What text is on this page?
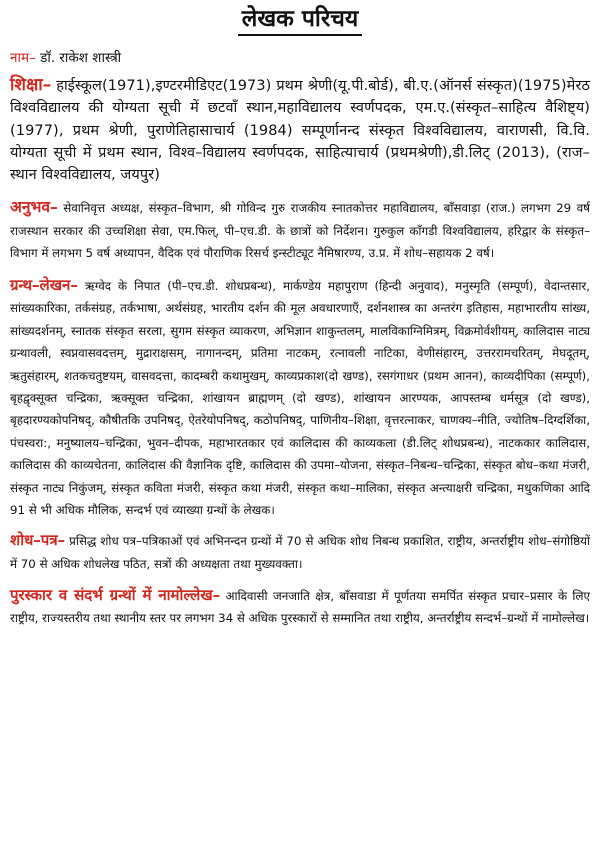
लेखक परिचय

नाम– डॉ. राकेश शास्त्री

शिक्षा– हाईस्कूल(1971),इण्टरमीडिएट(1973) प्रथम श्रेणी(यू.पी.बोर्ड), बी.ए.(ऑनर्स संस्कृत)(1975)मेरठ विश्वविद्यालय की योग्यता सूची में छटवाँ स्थान,महाविद्यालय स्वर्णपदक, एम.ए.(संस्कृत–साहित्य वैशिष्ट्य)(1977), प्रथम श्रेणी, पुराणेतिहासाचार्य (1984) सम्पूर्णानन्द संस्कृत विश्वविद्यालय, वाराणसी, वि.वि. योग्यता सूची में प्रथम स्थान, विश्व–विद्यालय स्वर्णपदक, साहित्याचार्य (प्रथमश्रेणी),डी.लिट् (2013), (राज–स्थान विश्वविद्यालय, जयपुर)

अनुभव– सेवानिवृत्त अध्यक्ष, संस्कृत–विभाग, श्री गोविन्द गुरु राजकीय स्नातकोत्तर महाविद्यालय, बाँसवाड़ा (राज.) लगभग 29 वर्ष राजस्थान सरकार की उच्चशिक्षा सेवा, एम.फिल्, पी–एच.डी. के छात्रों को निर्देशन। गुरुकुल काँगडी विश्वविद्यालय, हरिद्वार के संस्कृत–विभाग में लगभग 5 वर्ष अध्यापन, वैदिक एवं पौराणिक रिसर्च इन्स्टीट्यूट नैमिषारण्य, उ.प्र. में शोध–सहायक 2 वर्ष।

ग्रन्थ–लेखन– ऋग्वेद के निपात (पी–एच.डी. शोधप्रबन्ध), मार्कण्डेय महापुराण (हिन्दी अनुवाद), मनुस्मृति (सम्पूर्ण), वेदान्तसार, सांख्यकारिका, तर्कसंग्रह, तर्कभाषा, अर्थसंग्रह, भारतीय दर्शन की मूल अवधारणाएँ, दर्शनशास्त्र का अन्तरंग इतिहास, महाभारतीय सांख्य, सांख्यदर्शनम्, स्नातक संस्कृत सरला, सुगम संस्कृत व्याकरण, अभिज्ञान शाकुन्तलम्, मालविकाग्निमित्रम्, विक्रमोर्वशीयम्, कालिदास नाट्य ग्रन्थावली, स्वप्नवासवदत्तम्, मुद्राराक्षसम्, नागानन्दम्, प्रतिमा नाटकम्, रत्नावली नाटिका, वेणीसंहारम्, उत्तररामचरितम्, मेघदूतम्, ऋतुसंहारम्, शतकचतुष्टयम्, वासवदत्ता, कादम्बरी कथामुखम्, काव्यप्रकाश(दो खण्ड), रसगंगाधर (प्रथम आनन), काव्यदीपिका (सम्पूर्ण), बृहद्वृक्सूक्त चन्द्रिका, ऋक्सूक्त चन्द्रिका, शांखायन ब्राह्मणम् (दो खण्ड), शांखायन आरण्यक, आपस्तम्ब धर्मसूत्र (दो खण्ड), बृहदारण्यकोपनिषद्, कौषीतकि उपनिषद्, ऐतरेयोपनिषद्, कठोपनिषद्, पाणिनीय–शिक्षा, वृत्तरत्नाकर, चाणक्य–नीति, ज्योतिष–दिग्दर्शिका, पंचस्वरा:, मनुष्यालय–चन्द्रिका, भुवन–दीपक, महाभारतकार एवं कालिदास की काव्यकला (डी.लिट् शोधप्रबन्ध), नाटककार कालिदास, कालिदास की काव्यचेतना, कालिदास की वैज्ञानिक दृष्टि, कालिदास की उपमा–योजना, संस्कृत–निबन्ध–चन्द्रिका, संस्कृत बोध–कथा मंजरी, संस्कृत नाट्य निकुंजम्, संस्कृत कविता मंजरी, संस्कृत कथा मंजरी, संस्कृत कथा–मालिका, संस्कृत अन्त्याक्षरी चन्द्रिका, मधुकणिका आदि 91 से भी अधिक मौलिक, सन्दर्भ एवं व्याख्या ग्रन्थों के लेखक।

शोध–पत्र– प्रसिद्ध शोध पत्र–पत्रिकाओं एवं अभिनन्दन ग्रन्थों में 70 से अधिक शोध निबन्ध प्रकाशित, राष्ट्रीय, अन्तर्राष्ट्रीय शोध–संगोष्ठियों में 70 से अधिक शोधलेख पठित, सत्रों की अध्यक्षता तथा मुख्यवक्ता।

पुरस्कार व संदर्भ ग्रन्थों में नामोल्लेख– आदिवासी जनजाति क्षेत्र, बाँसवाडा में पूर्णतया समर्पित संस्कृत प्रचार–प्रसार के लिए राष्ट्रीय, राज्यस्तरीय तथा स्थानीय स्तर पर लगभग 34 से अधिक पुरस्कारों से सम्मानित तथा राष्ट्रीय, अन्तर्राष्ट्रीय सन्दर्भ–ग्रन्थों में नामोल्लेख।
